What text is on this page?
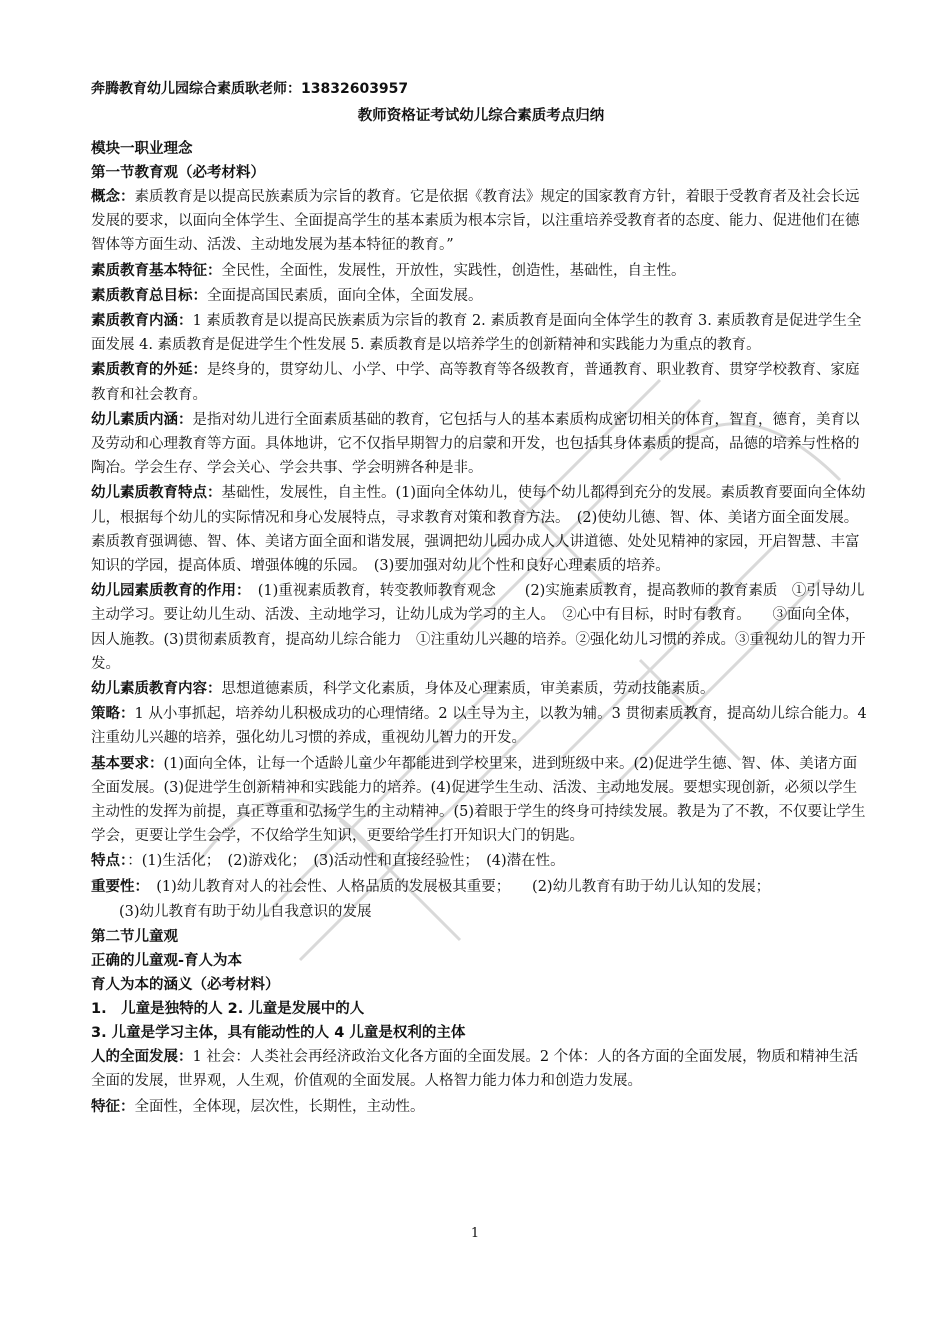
奔腾教育幼儿园综合素质耿老师：13832603957

教师资格证考试幼儿综合素质考点归纳

模块一职业理念

第一节教育观（必考材料）

概念：素质教育是以提高民族素质为宗旨的教育。它是依据《教育法》规定的国家教育方针，着眼于受教育者及社会长远发展的要求，以面向全体学生、全面提高学生的基本素质为根本宗旨，以注重培养受教育者的态度、能力、促进他们在德智体等方面生动、活泼、主动地发展为基本特征的教育。”

素质教育基本特征：全民性，全面性，发展性，开放性，实践性，创造性，基础性，自主性。

素质教育总目标：全面提高国民素质，面向全体，全面发展。

素质教育内涵：1 素质教育是以提高民族素质为宗旨的教育 2. 素质教育是面向全体学生的教育 3. 素质教育是促进学生全面发展 4. 素质教育是促进学生个性发展 5. 素质教育是以培养学生的创新精神和实践能力为重点的教育。

素质教育的外延：是终身的，贯穿幼儿、小学、中学、高等教育等各级教育，普通教育、职业教育、贯穿学校教育、家庭教育和社会教育。

幼儿素质内涵：是指对幼儿进行全面素质基础的教育，它包括与人的基本素质构成密切相关的体育，智育，德育，美育以及劳动和心理教育等方面。具体地讲，它不仅指早期智力的启蒙和开发，也包括其身体素质的提高，品德的培养与性格的陶冶。学会生存、学会关心、学会共事、学会明辨各种是非。

幼儿素质教育特点：基础性，发展性，自主性。(1)面向全体幼儿，使每个幼儿都得到充分的发展。素质教育要面向全体幼儿，根据每个幼儿的实际情况和身心发展特点，寻求教育对策和教育方法。　(2)使幼儿德、智、体、美诸方面全面发展。素质教育强调德、智、体、美诸方面全面和谐发展，强调把幼儿园办成人人讲道德、处处见精神的家园，开启智慧、丰富知识的学园，提高体质、增强体魄的乐园。　(3)要加强对幼儿个性和良好心理素质的培养。

幼儿园素质教育的作用：　(1)重视素质教育，转变教师教育观念　　(2)实施素质教育，提高教师的教育素质　①引导幼儿主动学习。要让幼儿生动、活泼、主动地学习，让幼儿成为学习的主人。　②心中有目标，时时有教育。　　③面向全体，因人施教。(3)贯彻素质教育，提高幼儿综合能力　①注重幼儿兴趣的培养。②强化幼儿习惯的养成。③重视幼儿的智力开发。

幼儿素质教育内容：思想道德素质，科学文化素质，身体及心理素质，审美素质，劳动技能素质。

策略：1 从小事抓起，培养幼儿积极成功的心理情绪。2 以主导为主，以教为辅。3 贯彻素质教育，提高幼儿综合能力。4 注重幼儿兴趣的培养，强化幼儿习惯的养成，重视幼儿智力的开发。

基本要求：(1)面向全体，让每一个适龄儿童少年都能进到学校里来，进到班级中来。(2)促进学生德、智、体、美诸方面全面发展。(3)促进学生创新精神和实践能力的培养。(4)促进学生生动、活泼、主动地发展。要想实现创新，必须以学生主动性的发挥为前提，真正尊重和弘扬学生的主动精神。(5)着眼于学生的终身可持续发展。教是为了不教，不仅要让学生学会，更要让学生会学，不仅给学生知识，更要给学生打开知识大门的钥匙。

特点：：(1)生活化；　(2)游戏化；　(3)活动性和直接经验性；　(4)潜在性。

重要性：　(1)幼儿教育对人的社会性、人格品质的发展极其重要；　　(2)幼儿教育有助于幼儿认知的发展；

(3)幼儿教育有助于幼儿自我意识的发展

第二节儿童观

正确的儿童观-育人为本

育人为本的涵义（必考材料）

1.　儿童是独特的人 2. 儿童是发展中的人

3. 儿童是学习主体，具有能动性的人 4 儿童是权利的主体

人的全面发展：1 社会：人类社会再经济政治文化各方面的全面发展。2 个体：人的各方面的全面发展，物质和精神生活全面的发展，世界观，人生观，价值观的全面发展。人格智力能力体力和创造力发展。

特征：全面性，全体现，层次性，长期性，主动性。

1
